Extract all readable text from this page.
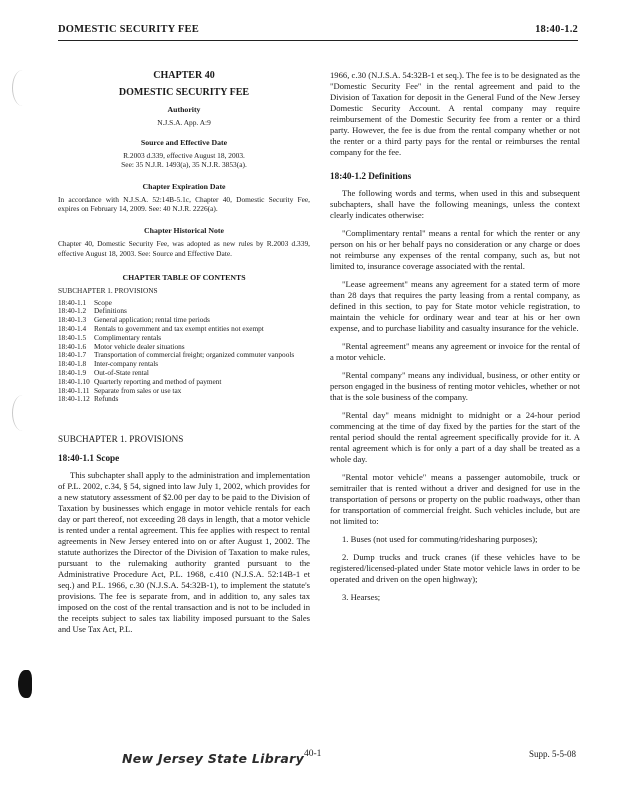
DOMESTIC SECURITY FEE	18:40-1.2
CHAPTER 40
DOMESTIC SECURITY FEE
Authority
N.J.S.A. App. A:9
Source and Effective Date
R.2003 d.339, effective August 18, 2003.
See: 35 N.J.R. 1493(a), 35 N.J.R. 3853(a).
Chapter Expiration Date
In accordance with N.J.S.A. 52:14B-5.1c, Chapter 40, Domestic Security Fee, expires on February 14, 2009. See: 40 N.J.R. 2226(a).
Chapter Historical Note
Chapter 40, Domestic Security Fee, was adopted as new rules by R.2003 d.339, effective August 18, 2003. See: Source and Effective Date.
CHAPTER TABLE OF CONTENTS
SUBCHAPTER 1. PROVISIONS
18:40-1.1 Scope
18:40-1.2 Definitions
18:40-1.3 General application; rental time periods
18:40-1.4 Rentals to government and tax exempt entities not exempt
18:40-1.5 Complimentary rentals
18:40-1.6 Motor vehicle dealer situations
18:40-1.7 Transportation of commercial freight; organized commuter vanpools
18:40-1.8 Inter-company rentals
18:40-1.9 Out-of-State rental
18:40-1.10 Quarterly reporting and method of payment
18:40-1.11 Separate from sales or use tax
18:40-1.12 Refunds
SUBCHAPTER 1. PROVISIONS
18:40-1.1 Scope
This subchapter shall apply to the administration and implementation of P.L. 2002, c.34, § 54, signed into law July 1, 2002, which provides for a new statutory assessment of $2.00 per day to be paid to the Division of Taxation by businesses which engage in motor vehicle rentals for each day or part thereof, not exceeding 28 days in length, that a motor vehicle is rented under a rental agreement. This fee applies with respect to rental agreements in New Jersey entered into on or after August 1, 2002. The statute authorizes the Director of the Division of Taxation to make rules, pursuant to the rulemaking authority granted pursuant to the Administrative Procedure Act, P.L. 1968, c.410 (N.J.S.A. 52:14B-1 et seq.) and P.L. 1966, c.30 (N.J.S.A. 54:32B-1), to implement the statute's provisions. The fee is separate from, and in addition to, any sales tax imposed on the cost of the rental transaction and is not to be included in the receipts subject to sales tax liability imposed pursuant to the Sales and Use Tax Act, P.L.
1966, c.30 (N.J.S.A. 54:32B-1 et seq.). The fee is to be designated as the "Domestic Security Fee" in the rental agreement and paid to the Division of Taxation for deposit in the General Fund of the New Jersey Domestic Security Account. A rental company may require reimbursement of the Domestic Security fee from a renter or a third party. However, the fee is due from the rental company whether or not the renter or a third party pays for the rental or reimburses the rental company for the fee.
18:40-1.2 Definitions
The following words and terms, when used in this and subsequent subchapters, shall have the following meanings, unless the context clearly indicates otherwise:
"Complimentary rental" means a rental for which the renter or any person on his or her behalf pays no consideration or any charge or does not reimburse any expenses of the rental company, such as, but not limited to, insurance coverage associated with the rental.
"Lease agreement" means any agreement for a stated term of more than 28 days that requires the party leasing from a rental company, as defined in this section, to pay for State motor vehicle registration, to maintain the vehicle for ordinary wear and tear at his or her own expense, and to purchase liability and casualty insurance for the vehicle.
"Rental agreement" means any agreement or invoice for the rental of a motor vehicle.
"Rental company" means any individual, business, or other entity or person engaged in the business of renting motor vehicles, whether or not that is the sole business of the company.
"Rental day" means midnight to midnight or a 24-hour period commencing at the time of day fixed by the parties for the start of the rental period should the rental agreement specifically provide for it. A rental agreement which is for only a part of a day shall be treated as a whole day.
"Rental motor vehicle" means a passenger automobile, truck or semitrailer that is rented without a driver and designed for use in the transportation of persons or property on the public roadways, other than for transportation of commercial freight. Such vehicles include, but are not limited to:
1. Buses (not used for commuting/ridesharing purposes);
2. Dump trucks and truck cranes (if these vehicles have to be registered/licensed-plated under State motor vehicle laws in order to be operated and driven on the open highway);
3. Hearses;
New Jersey State Library 40-1	Supp. 5-5-08
